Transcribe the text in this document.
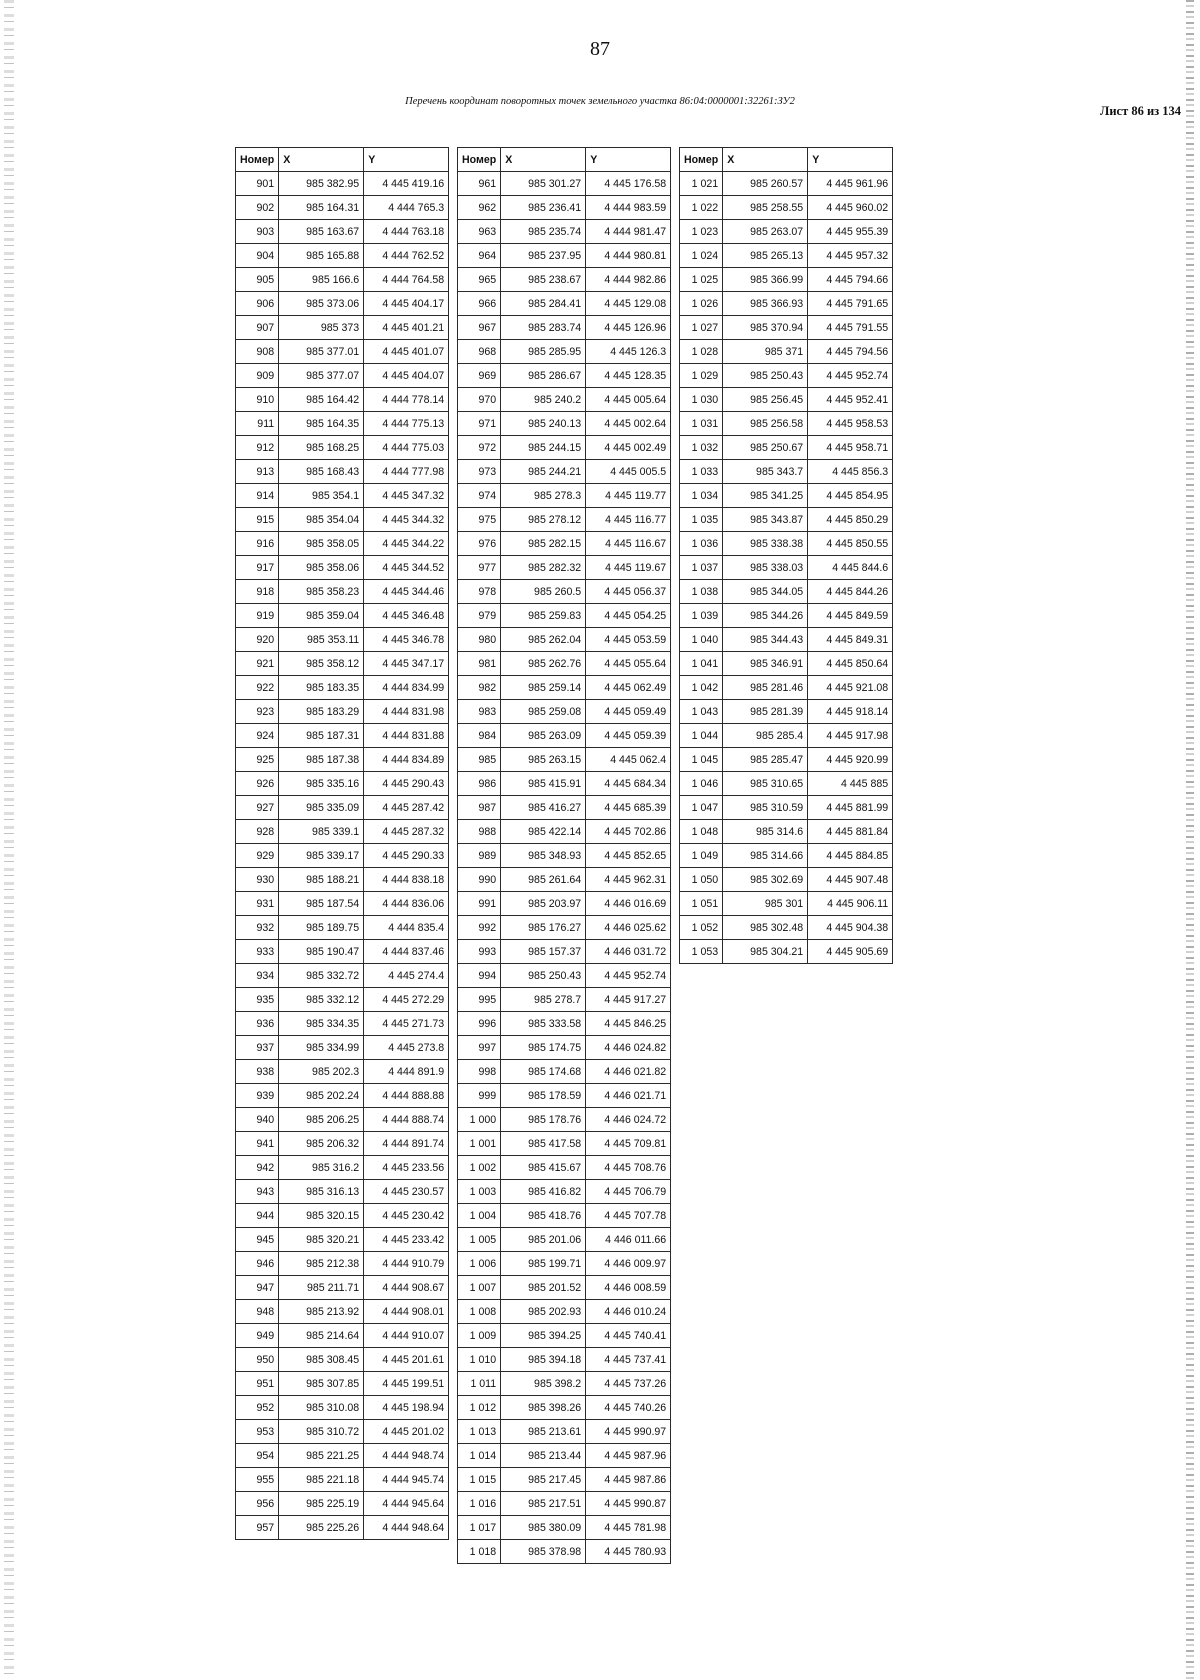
87
Перечень координат поворотных точек земельного участка 86:04:0000001:32261:ЗУ2
Лист 86 из 134
Номер	X	Y
901	985 382.95	4 445 419.16
902	985 164.31	4 444 765.3
903	985 163.67	4 444 763.18
904	985 165.88	4 444 762.52
905	985 166.6	4 444 764.58
906	985 373.06	4 445 404.17
907	985 373	4 445 401.21
908	985 377.01	4 445 401.07
909	985 377.07	4 445 404.07
910	985 164.42	4 444 778.14
911	985 164.35	4 444 775.13
912	985 168.25	4 444 775.03
913	985 168.43	4 444 777.98
914	985 354.1	4 445 347.32
915	985 354.04	4 445 344.32
916	985 358.05	4 445 344.22
917	985 358.06	4 445 344.52
918	985 358.23	4 445 344.46
919	985 359.04	4 445 346.48
920	985 353.11	4 445 346.78
921	985 358.12	4 445 347.17
922	985 183.35	4 444 834.99
923	985 183.29	4 444 831.98
924	985 187.31	4 444 831.88
925	985 187.38	4 444 834.89
926	985 335.16	4 445 290.43
927	985 335.09	4 445 287.42
928	985 339.1	4 445 287.32
929	985 339.17	4 445 290.33
930	985 188.21	4 444 838.18
931	985 187.54	4 444 836.06
932	985 189.75	4 444 835.4
933	985 190.47	4 444 837.46
934	985 332.72	4 445 274.4
935	985 332.12	4 445 272.29
936	985 334.35	4 445 271.73
937	985 334.99	4 445 273.8
938	985 202.3	4 444 891.9
939	985 202.24	4 444 888.88
940	985 206.25	4 444 888.74
941	985 206.32	4 444 891.74
942	985 316.2	4 445 233.56
943	985 316.13	4 445 230.57
944	985 320.15	4 445 230.42
945	985 320.21	4 445 233.42
946	985 212.38	4 444 910.79
947	985 211.71	4 444 908.67
948	985 213.92	4 444 908.01
949	985 214.64	4 444 910.07
950	985 308.45	4 445 201.61
951	985 307.85	4 445 199.51
952	985 310.08	4 445 198.94
953	985 310.72	4 445 201.02
954	985 221.25	4 444 948.74
955	985 221.18	4 444 945.74
956	985 225.19	4 444 945.64
957	985 225.26	4 444 948.64
Номер	X	Y
961	985 301.27	4 445 176.58
962	985 236.41	4 444 983.59
963	985 235.74	4 444 981.47
964	985 237.95	4 444 980.81
965	985 238.67	4 444 982.86
966	985 284.41	4 445 129.08
967	985 283.74	4 445 126.96
968	985 285.95	4 445 126.3
969	985 286.67	4 445 128.35
970	985 240.2	4 445 005.64
971	985 240.13	4 445 002.64
972	985 244.15	4 445 002.49
973	985 244.21	4 445 005.5
974	985 278.3	4 445 119.77
975	985 278.12	4 445 116.77
976	985 282.15	4 445 116.67
977	985 282.32	4 445 119.67
978	985 260.5	4 445 056.37
979	985 259.83	4 445 054.25
980	985 262.04	4 445 053.59
981	985 262.76	4 445 055.64
982	985 259.14	4 445 062.49
983	985 259.08	4 445 059.49
984	985 263.09	4 445 059.39
985	985 263.15	4 445 062.4
986	985 415.91	4 445 684.34
987	985 416.27	4 445 685.39
988	985 422.14	4 445 702.86
989	985 348.93	4 445 852.65
990	985 261.64	4 445 962.31
991	985 203.97	4 446 016.69
992	985 176.27	4 446 025.62
993	985 157.37	4 446 031.72
994	985 250.43	4 445 952.74
995	985 278.7	4 445 917.27
996	985 333.58	4 445 846.25
997	985 174.75	4 446 024.82
998	985 174.68	4 446 021.82
999	985 178.59	4 446 021.71
1 000	985 178.76	4 446 024.72
1 001	985 417.58	4 445 709.81
1 002	985 415.67	4 445 708.76
1 003	985 416.82	4 445 706.79
1 004	985 418.76	4 445 707.78
1 005	985 201.06	4 446 011.66
1 006	985 199.71	4 446 009.97
1 007	985 201.52	4 446 008.59
1 008	985 202.93	4 446 010.24
1 009	985 394.25	4 445 740.41
1 010	985 394.18	4 445 737.41
1 011	985 398.2	4 445 737.26
1 012	985 398.26	4 445 740.26
1 013	985 213.61	4 445 990.97
1 014	985 213.44	4 445 987.96
1 015	985 217.45	4 445 987.86
1 016	985 217.51	4 445 990.87
1 017	985 380.09	4 445 781.98
1 018	985 378.98	4 445 780.93
Номер	X	Y
1 021	985 260.57	4 445 961.96
1 022	985 258.55	4 445 960.02
1 023	985 263.07	4 445 955.39
1 024	985 265.13	4 445 957.32
1 025	985 366.99	4 445 794.66
1 026	985 366.93	4 445 791.65
1 027	985 370.94	4 445 791.55
1 028	985 371	4 445 794.56
1 029	985 250.43	4 445 952.74
1 030	985 256.45	4 445 952.41
1 031	985 256.58	4 445 958.53
1 032	985 250.67	4 445 958.71
1 033	985 343.7	4 445 856.3
1 034	985 341.25	4 445 854.95
1 035	985 343.87	4 445 850.29
1 036	985 338.38	4 445 850.55
1 037	985 338.03	4 445 844.6
1 038	985 344.05	4 445 844.26
1 039	985 344.26	4 445 849.59
1 040	985 344.43	4 445 849.31
1 041	985 346.91	4 445 850.64
1 042	985 281.46	4 445 921.08
1 043	985 281.39	4 445 918.14
1 044	985 285.4	4 445 917.98
1 045	985 285.47	4 445 920.99
1 046	985 310.65	4 445 885
1 047	985 310.59	4 445 881.99
1 048	985 314.6	4 445 881.84
1 049	985 314.66	4 445 884.85
1 050	985 302.69	4 445 907.48
1 051	985 301	4 445 906.11
1 052	985 302.48	4 445 904.38
1 053	985 304.21	4 445 905.69
